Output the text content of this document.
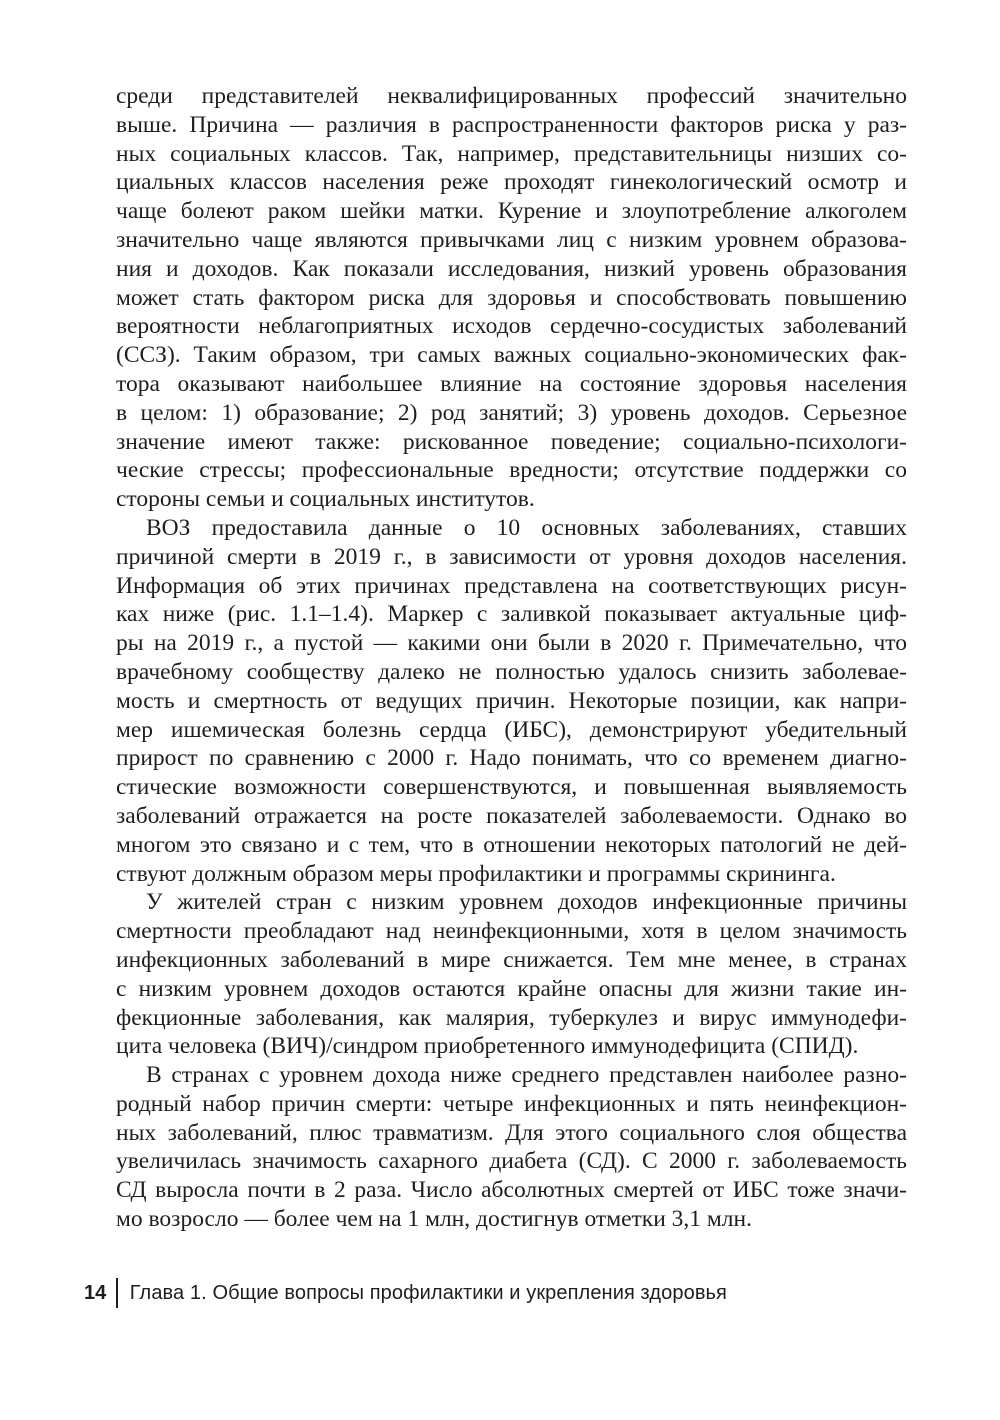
среди представителей неквалифицированных профессий значительно
выше. Причина — различия в распространенности факторов риска у раз-
ных социальных классов. Так, например, представительницы низших со-
циальных классов населения реже проходят гинекологический осмотр и
чаще болеют раком шейки матки. Курение и злоупотребление алкоголем
значительно чаще являются привычками лиц с низким уровнем образова-
ния и доходов. Как показали исследования, низкий уровень образования
может стать фактором риска для здоровья и способствовать повышению
вероятности неблагоприятных исходов сердечно-сосудистых заболеваний
(ССЗ). Таким образом, три самых важных социально-экономических фак-
тора оказывают наибольшее влияние на состояние здоровья населения
в целом: 1) образование; 2) род занятий; 3) уровень доходов. Серьезное
значение имеют также: рискованное поведение; социально-психологи-
ческие стрессы; профессиональные вредности; отсутствие поддержки со
стороны семьи и социальных институтов.
ВОЗ предоставила данные о 10 основных заболеваниях, ставших
причиной смерти в 2019 г., в зависимости от уровня доходов населения.
Информация об этих причинах представлена на соответствующих рисун-
ках ниже (рис. 1.1–1.4). Маркер с заливкой показывает актуальные циф-
ры на 2019 г., а пустой — какими они были в 2020 г. Примечательно, что
врачебному сообществу далеко не полностью удалось снизить заболевае-
мость и смертность от ведущих причин. Некоторые позиции, как напри-
мер ишемическая болезнь сердца (ИБС), демонстрируют убедительный
прирост по сравнению с 2000 г. Надо понимать, что со временем диагно-
стические возможности совершенствуются, и повышенная выявляемость
заболеваний отражается на росте показателей заболеваемости. Однако во
многом это связано и с тем, что в отношении некоторых патологий не дей-
ствуют должным образом меры профилактики и программы скрининга.
У жителей стран с низким уровнем доходов инфекционные причины
смертности преобладают над неинфекционными, хотя в целом значимость
инфекционных заболеваний в мире снижается. Тем мне менее, в странах
с низким уровнем доходов остаются крайне опасны для жизни такие ин-
фекционные заболевания, как малярия, туберкулез и вирус иммунодефи-
цита человека (ВИЧ)/синдром приобретенного иммунодефицита (СПИД).
В странах с уровнем дохода ниже среднего представлен наиболее разно-
родный набор причин смерти: четыре инфекционных и пять неинфекцион-
ных заболеваний, плюс травматизм. Для этого социального слоя общества
увеличилась значимость сахарного диабета (СД). С 2000 г. заболеваемость
СД выросла почти в 2 раза. Число абсолютных смертей от ИБС тоже значи-
мо возросло — более чем на 1 млн, достигнув отметки 3,1 млн.
14	Глава 1. Общие вопросы профилактики и укрепления здоровья
